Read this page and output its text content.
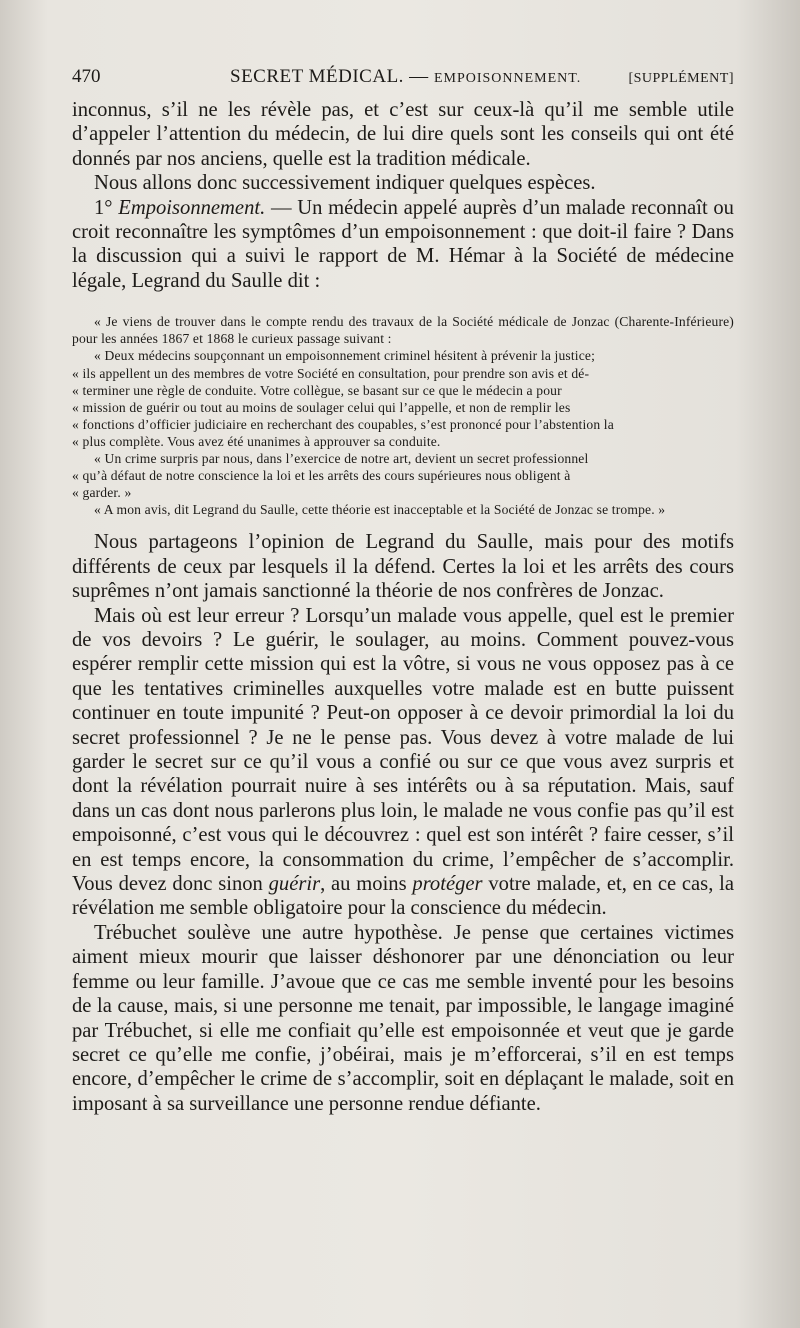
470	SECRET MÉDICAL. — EMPOISONNEMENT.	[SUPPLÉMENT]

inconnus, s’il ne les révèle pas, et c’est sur ceux-là qu’il me semble utile d’appeler l’attention du médecin, de lui dire quels sont les conseils qui ont été donnés par nos anciens, quelle est la tradition médicale.

Nous allons donc successivement indiquer quelques espèces.

1° Empoisonnement. — Un médecin appelé auprès d’un malade reconnaît ou croit reconnaître les symptômes d’un empoisonnement : que doit-il faire ? Dans la discussion qui a suivi le rapport de M. Hémar à la Société de médecine légale, Legrand du Saulle dit :

« Je viens de trouver dans le compte rendu des travaux de la Société médicale de Jonzac (Charente-Inférieure) pour les années 1867 et 1868 le curieux passage suivant :

« Deux médecins soupçonnant un empoisonnement criminel hésitent à prévenir la justice;

« ils appellent un des membres de votre Société en consultation, pour prendre son avis et dé-

« terminer une règle de conduite. Votre collègue, se basant sur ce que le médecin a pour

« mission de guérir ou tout au moins de soulager celui qui l’appelle, et non de remplir les

« fonctions d’officier judiciaire en recherchant des coupables, s’est prononcé pour l’abstention la

« plus complète. Vous avez été unanimes à approuver sa conduite.

« Un crime surpris par nous, dans l’exercice de notre art, devient un secret professionnel

« qu’à défaut de notre conscience la loi et les arrêts des cours supérieures nous obligent à

« garder. »

« A mon avis, dit Legrand du Saulle, cette théorie est inacceptable et la Société de Jonzac se trompe. »

Nous partageons l’opinion de Legrand du Saulle, mais pour des motifs différents de ceux par lesquels il la défend. Certes la loi et les arrêts des cours suprêmes n’ont jamais sanctionné la théorie de nos confrères de Jonzac.

Mais où est leur erreur ? Lorsqu’un malade vous appelle, quel est le premier de vos devoirs ? Le guérir, le soulager, au moins. Comment pouvez-vous espérer remplir cette mission qui est la vôtre, si vous ne vous opposez pas à ce que les tentatives criminelles auxquelles votre malade est en butte puissent continuer en toute impunité ? Peut-on opposer à ce devoir primordial la loi du secret professionnel ? Je ne le pense pas. Vous devez à votre malade de lui garder le secret sur ce qu’il vous a confié ou sur ce que vous avez surpris et dont la révélation pourrait nuire à ses intérêts ou à sa réputation. Mais, sauf dans un cas dont nous parlerons plus loin, le malade ne vous confie pas qu’il est empoisonné, c’est vous qui le découvrez : quel est son intérêt ? faire cesser, s’il en est temps encore, la consommation du crime, l’empêcher de s’accomplir. Vous devez donc sinon guérir, au moins protéger votre malade, et, en ce cas, la révélation me semble obligatoire pour la conscience du médecin.

Trébuchet soulève une autre hypothèse. Je pense que certaines victimes aiment mieux mourir que laisser déshonorer par une dénonciation ou leur femme ou leur famille. J’avoue que ce cas me semble inventé pour les besoins de la cause, mais, si une personne me tenait, par impossible, le langage imaginé par Trébuchet, si elle me confiait qu’elle est empoisonnée et veut que je garde secret ce qu’elle me confie, j’obéirai, mais je m’efforcerai, s’il en est temps encore, d’empêcher le crime de s’accomplir, soit en déplaçant le malade, soit en imposant à sa surveillance une personne rendue défiante.
